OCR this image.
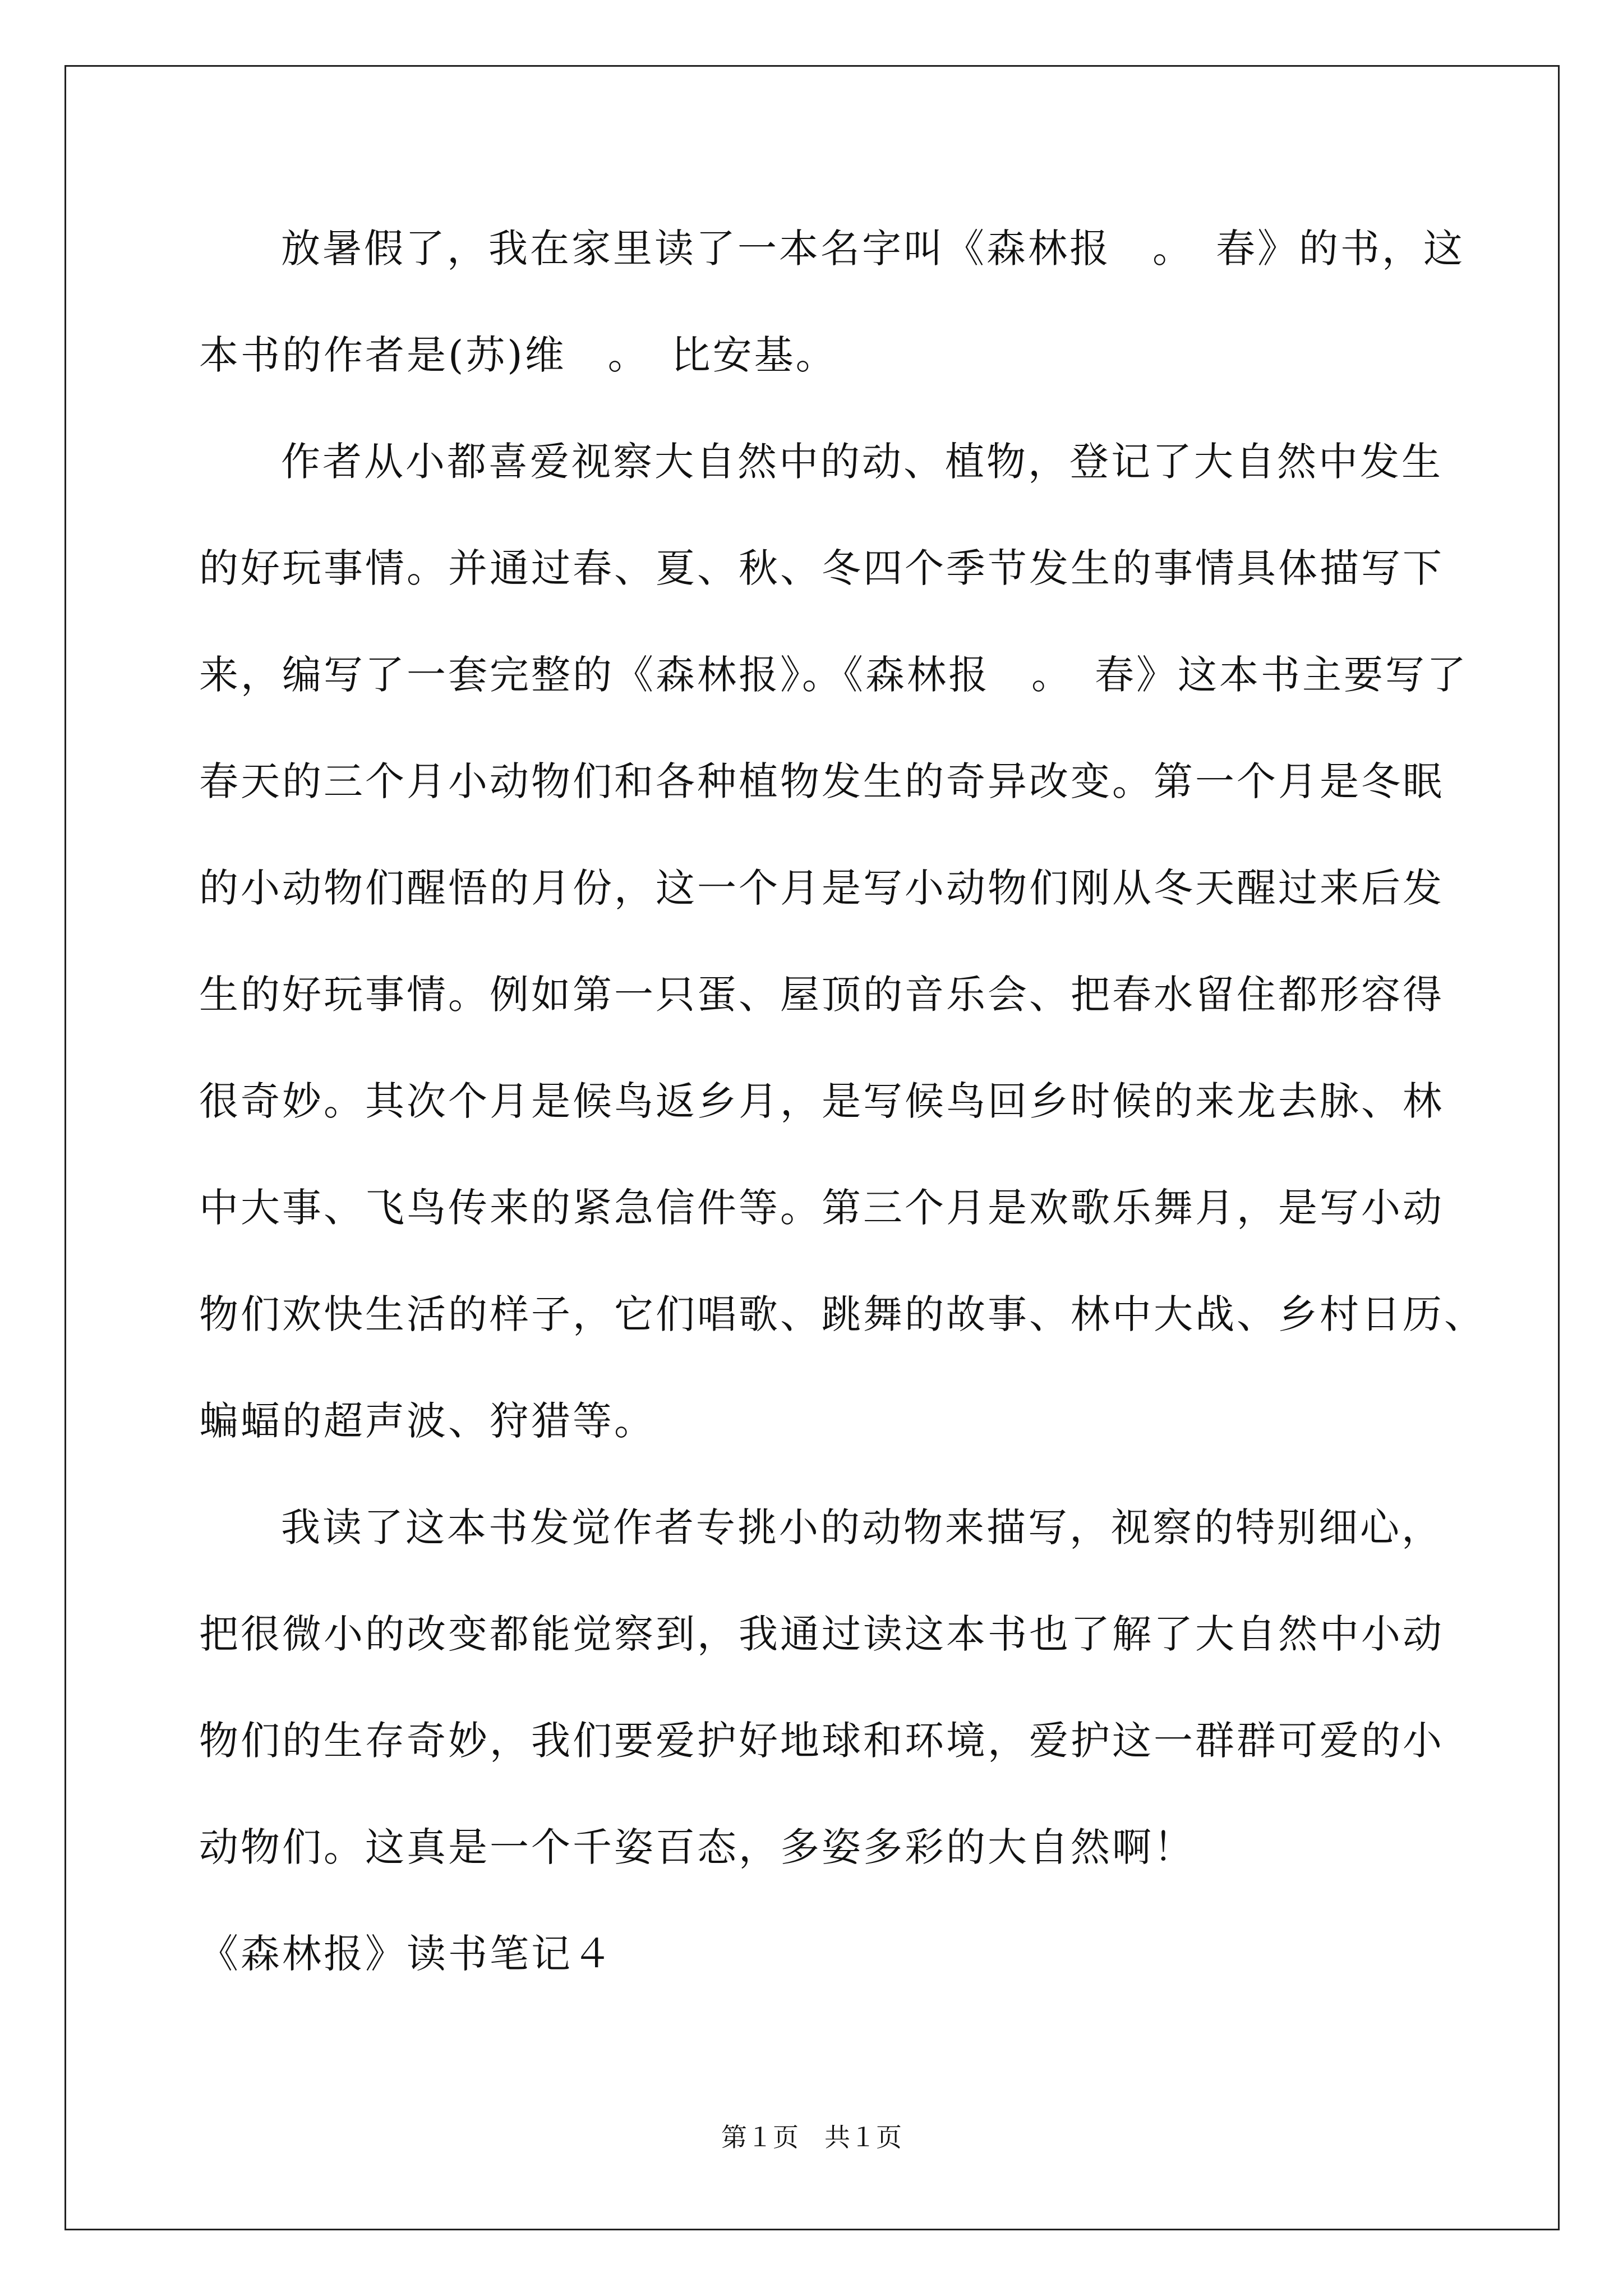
放暑假了，我在家里读了一本名字叫《森林报　。　春》的书，这
本书的作者是(苏)维　。　比安基。
作者从小都喜爱视察大自然中的动、植物，登记了大自然中发生
的好玩事情。并通过春、夏、秋、冬四个季节发生的事情具体描写下
来，编写了一套完整的《森林报》。《森林报　。　春》这本书主要写了
春天的三个月小动物们和各种植物发生的奇异改变。第一个月是冬眠
的小动物们醒悟的月份，这一个月是写小动物们刚从冬天醒过来后发
生的好玩事情。例如第一只蛋、屋顶的音乐会、把春水留住都形容得
很奇妙。其次个月是候鸟返乡月，是写候鸟回乡时候的来龙去脉、林
中大事、飞鸟传来的紧急信件等。第三个月是欢歌乐舞月，是写小动
物们欢快生活的样子，它们唱歌、跳舞的故事、林中大战、乡村日历、
蝙蝠的超声波、狩猎等。
我读了这本书发觉作者专挑小的动物来描写，视察的特别细心，
把很微小的改变都能觉察到，我通过读这本书也了解了大自然中小动
物们的生存奇妙，我们要爱护好地球和环境，爱护这一群群可爱的小
动物们。这真是一个千姿百态，多姿多彩的大自然啊！
《森林报》读书笔记４
第１页　共１页
